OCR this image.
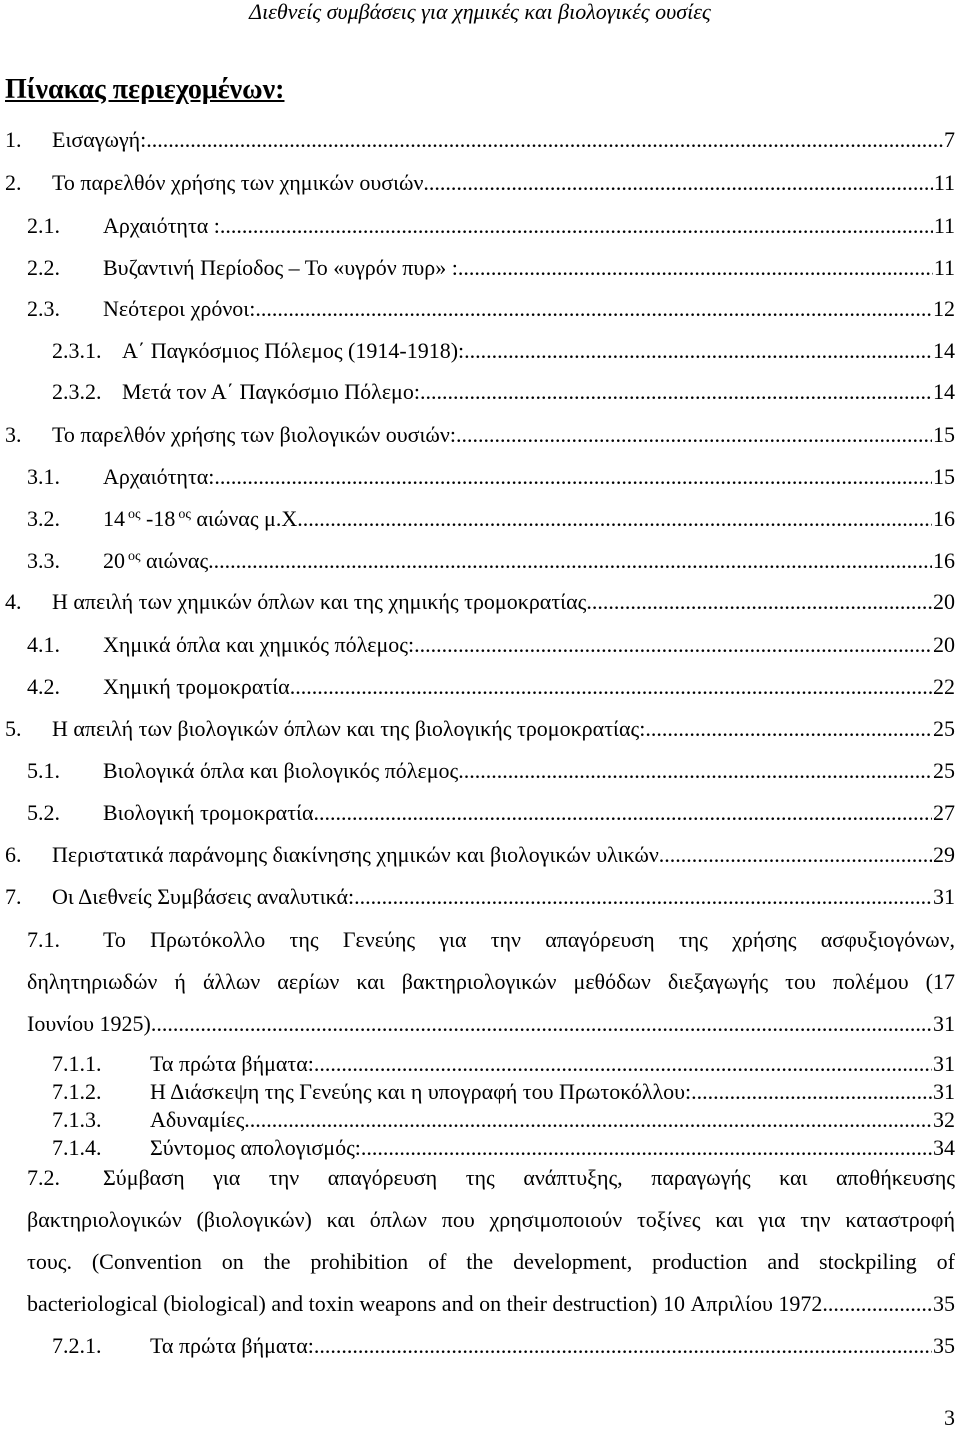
Διεθνείς συμβάσεις για χημικές και βιολογικές ουσίες
Πίνακας περιεχομένων:
1.	Εισαγωγή: .....	7
2.	Το παρελθόν χρήσης των χημικών ουσιών .....	11
2.1.	Αρχαιότητα : .....	11
2.2.	Βυζαντινή Περίοδος – Το «υγρόν πυρ» : .....	11
2.3.	Νεότεροι χρόνοι: .....	12
2.3.1. Α΄ Παγκόσμιος Πόλεμος (1914-1918): .....	14
2.3.2. Μετά τον Α΄ Παγκόσμιο Πόλεμο: .....	14
3.	Το παρελθόν χρήσης των βιολογικών ουσιών: .....	15
3.1.	Αρχαιότητα: .....	15
3.2.	14 $^{o\varsigma}$ -18 $^{o\varsigma}$ αιώνας μ.Χ. .....	16
3.3.	20 $^{o\varsigma}$ αιώνας .....	16
4.	Η απειλή των χημικών όπλων και της χημικής τρομοκρατίας .....	20
4.1.	Χημικά όπλα και χημικός πόλεμος: .....	20
4.2.	Χημική τρομοκρατία .....	22
5.	Η απειλή των βιολογικών όπλων και της βιολογικής τρομοκρατίας: .....	25
5.1.	Βιολογικά όπλα και βιολογικός πόλεμος .....	25
5.2.	Βιολογική τρομοκρατία .....	27
6.	Περιστατικά παράνομης διακίνησης χημικών και βιολογικών υλικών .....	29
7.	Οι Διεθνείς Συμβάσεις αναλυτικά: .....	31
7.1.	Το Πρωτόκολλο της Γενεύης για την απαγόρευση της χρήσης ασφυξιογόνων,
δηλητηριωδών ή άλλων αερίων και βακτηριολογικών μεθόδων διεξαγωγής του πολέμου (17
Ιουνίου 1925) .....	31
7.1.1.	Τα πρώτα βήματα: .....	31
7.1.2.	Η Διάσκεψη της Γενεύης και η υπογραφή του Πρωτοκόλλου: .....	31
7.1.3.	Αδυναμίες .....	32
7.1.4.	Σύντομος απολογισμός: .....	34
7.2.	Σύμβαση για την απαγόρευση της ανάπτυξης, παραγωγής και αποθήκευσης
βακτηριολογικών (βιολογικών) και όπλων που χρησιμοποιούν τοξίνες και για την καταστροφή
τους. (Convention on the prohibition of the development, production and stockpiling of
bacteriological (biological) and toxin weapons and on their destruction) 10 Απριλίου 1972 .....	35
7.2.1.	Τα πρώτα βήματα: .....	35
3
